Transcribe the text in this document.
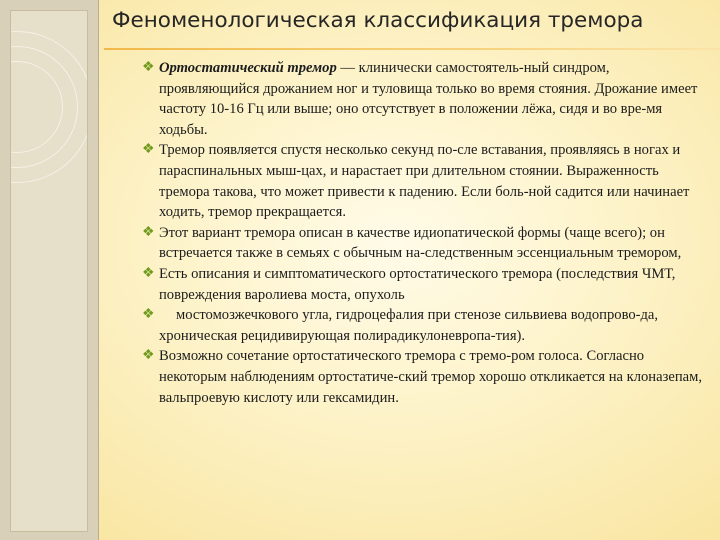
Феноменологическая классификация тремора

❖ Ортостатический тремор — клинически самостоятель-ный синдром, проявляющийся дрожанием ног и туловища только во время стояния. Дрожание имеет частоту 10-16 Гц или выше; оно отсутствует в положении лёжа, сидя и во вре-мя ходьбы.

❖ Тремор появляется спустя несколько секунд по-сле вставания, проявляясь в ногах и параспинальных мыш-цах, и нарастает при длительном стоянии. Выраженность тремора такова, что может привести к падению. Если боль-ной садится или начинает ходить, тремор прекращается.

❖ Этот вариант тремора описан в качестве идиопатической формы (чаще всего); он встречается также в семьях с обычным на-следственным эссенциальным тремором,

❖ Есть описания и симптоматического ортостатического тремора (последствия ЧМТ, повреждения варолиева моста, опухоль

❖ мостомозжечкового угла, гидроцефалия при стенозе сильвиева водопрово-да, хроническая рецидивирующая полирадикулоневропа-тия).

❖ Возможно сочетание ортостатического тремора с тремо-ром голоса. Согласно некоторым наблюдениям ортостатиче-ский тремор хорошо откликается на клоназепам, вальпроевую кислоту или гексамидин.
